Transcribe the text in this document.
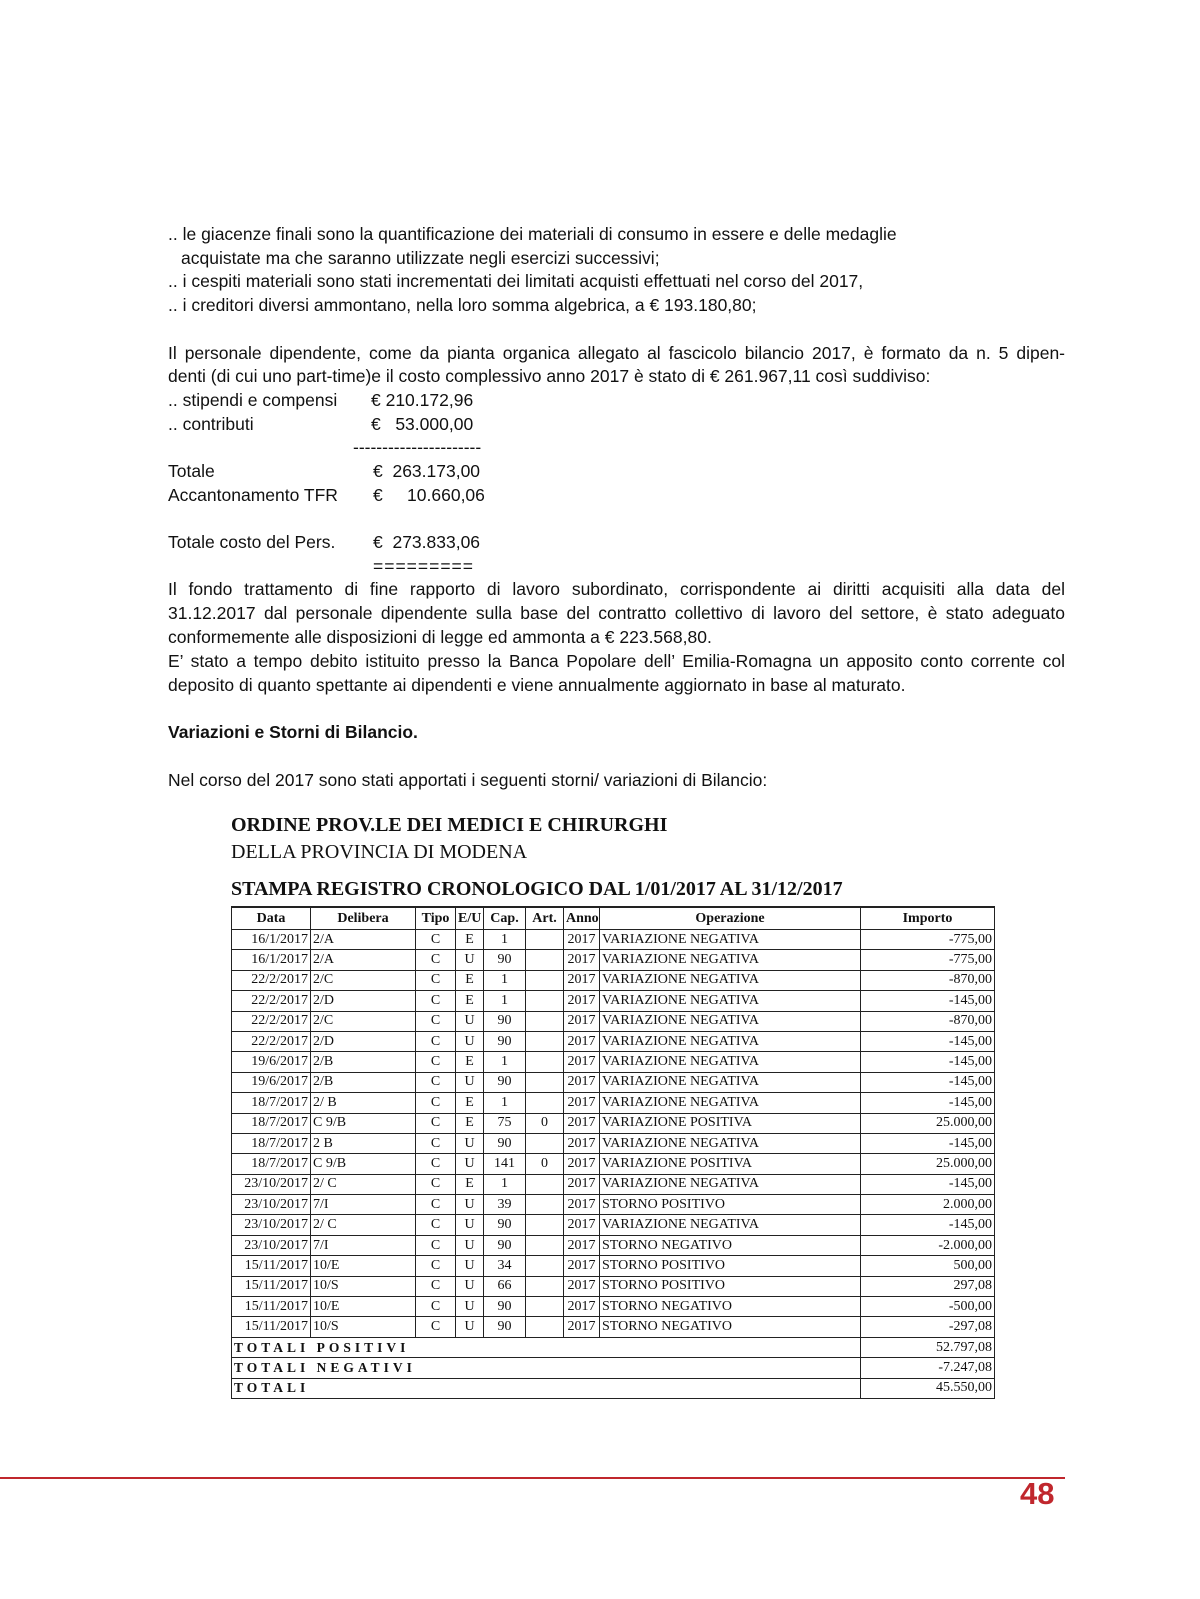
.. le giacenze finali sono la quantificazione dei materiali di consumo in essere e delle medaglie
acquistate ma che saranno utilizzate negli esercizi successivi;
.. i cespiti materiali sono stati incrementati dei limitati acquisti effettuati nel corso del 2017,
.. i creditori diversi ammontano, nella loro somma algebrica, a € 193.180,80;
Il personale dipendente, come da pianta organica allegato al fascicolo bilancio 2017, è formato da n. 5 dipen-
denti (di cui uno part-time)e il costo complessivo anno 2017 è stato di € 261.967,11 così suddiviso:
.. stipendi e compensi € 210.172,96
.. contributi	€   53.000,00
----------------------
Totale	€  263.173,00
Accantonamento TFR €     10.660,06
Totale costo del Pers. €  273.833,06
=========
Il fondo trattamento di fine rapporto di lavoro subordinato, corrispondente ai diritti acquisiti alla data del
31.12.2017 dal personale dipendente sulla base del contratto collettivo di lavoro del settore, è stato adeguato
conformemente alle disposizioni di legge ed ammonta a € 223.568,80.
E’ stato a tempo debito istituito presso la Banca Popolare dell’ Emilia-Romagna un apposito conto corrente col
deposito di quanto spettante ai dipendenti e viene annualmente aggiornato in base al maturato.
Variazioni e Storni di Bilancio.
Nel corso del 2017 sono stati apportati i seguenti storni/ variazioni di Bilancio:
ORDINE PROV.LE DEI MEDICI E CHIRURGHI
DELLA PROVINCIA DI MODENA
STAMPA REGISTRO CRONOLOGICO DAL 1/01/2017 AL 31/12/2017
Data	Delibera	Tipo	E/U	Cap.	Art.	Anno	Operazione	Importo
16/1/2017	2/A	C	E	1		2017	VARIAZIONE NEGATIVA	-775,00
16/1/2017	2/A	C	U	90		2017	VARIAZIONE NEGATIVA	-775,00
22/2/2017	2/C	C	E	1		2017	VARIAZIONE NEGATIVA	-870,00
22/2/2017	2/D	C	E	1		2017	VARIAZIONE NEGATIVA	-145,00
22/2/2017	2/C	C	U	90		2017	VARIAZIONE NEGATIVA	-870,00
22/2/2017	2/D	C	U	90		2017	VARIAZIONE NEGATIVA	-145,00
19/6/2017	2/B	C	E	1		2017	VARIAZIONE NEGATIVA	-145,00
19/6/2017	2/B	C	U	90		2017	VARIAZIONE NEGATIVA	-145,00
18/7/2017	2/ B	C	E	1		2017	VARIAZIONE NEGATIVA	-145,00
18/7/2017	C 9/B	C	E	75	0	2017	VARIAZIONE POSITIVA	25.000,00
18/7/2017	2 B	C	U	90		2017	VARIAZIONE NEGATIVA	-145,00
18/7/2017	C 9/B	C	U	141	0	2017	VARIAZIONE POSITIVA	25.000,00
23/10/2017	2/ C	C	E	1		2017	VARIAZIONE NEGATIVA	-145,00
23/10/2017	7/I	C	U	39		2017	STORNO POSITIVO	2.000,00
23/10/2017	2/ C	C	U	90		2017	VARIAZIONE NEGATIVA	-145,00
23/10/2017	7/I	C	U	90		2017	STORNO NEGATIVO	-2.000,00
15/11/2017	10/E	C	U	34		2017	STORNO POSITIVO	500,00
15/11/2017	10/S	C	U	66		2017	STORNO POSITIVO	297,08
15/11/2017	10/E	C	U	90		2017	STORNO NEGATIVO	-500,00
15/11/2017	10/S	C	U	90		2017	STORNO NEGATIVO	-297,08
TOTALI POSITIVI								52.797,08
TOTALI NEGATIVI								-7.247,08
TOTALI								45.550,00
48
